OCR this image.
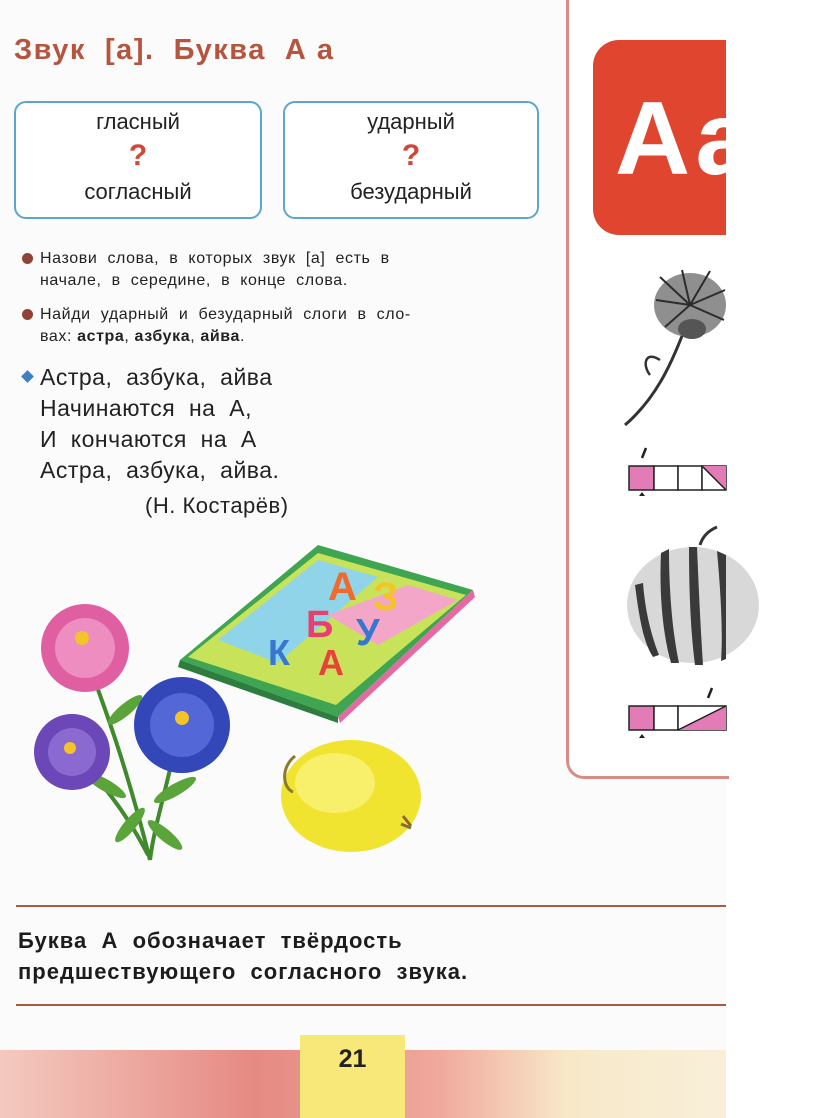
Звук  [а].  Буква  А а
гласный
?
согласный
ударный
?
безударный
Назови  слова,  в  которых  звук  [а]  есть  в
начале,  в  середине,  в  конце  слова.
Найди  ударный  и  безударный  слоги  в  сло-
вах: астра, азбука, айва.
Астра,  азбука,  айва
Начинаются  на  А,
И  кончаются  на  А
Астра,  азбука,  айва.
(Н. Костарёв)
А З
Б У
К А
Аа
Буква  А  обозначает  твёрдость
предшествующего  согласного  звука.
21
